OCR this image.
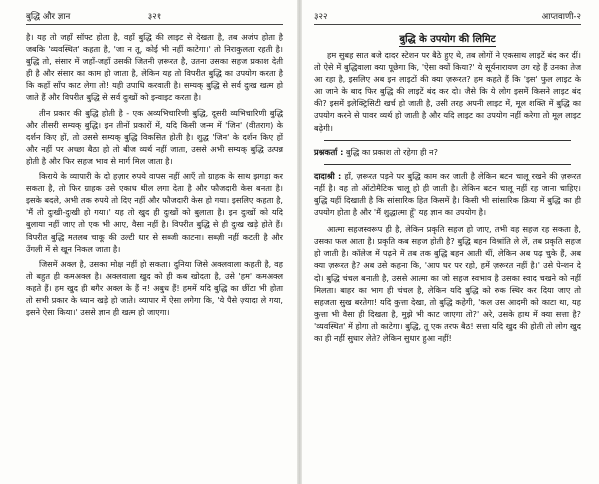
बुद्धि और ज्ञान	३२१

है। यह तो जहाँ सॉफ्ट होता है, वहाँ बुद्धि की लाइट से देखता है, तब अजंप होता है जबकि 'व्यवस्थित' कहता है, 'जा न तू, कोई भी नहीं काटेगा।' तो निराकुलता रहती है। बुद्धि तो, संसार में जहाँ-जहाँ उसकी जितनी ज़रूरत है, उतना उसका सहज प्रकाश देती ही है और संसार का काम हो जाता है, लेकिन यह तो विपरीत बुद्धि का उपयोग करता है कि कहाँ साँप काट लेगा तो! यही उपाधि करवाती है। सम्यक् बुद्धि से सर्व दुःख खत्म हो जाते हैं और विपरीत बुद्धि से सर्व दुःखों को इन्वाइट करता है।

तीन प्रकार की बुद्धि होती है - एक अव्यभिचारिणी बुद्धि, दूसरी व्यभिचारिणी बुद्धि और तीसरी सम्यक् बुद्धि। इन तीनों प्रकारों में, यदि किसी जन्म में 'जिन' (वीतराग) के दर्शन किए हों, तो उससे सम्यक् बुद्धि विकसित होती है। शुद्ध 'जिन' के दर्शन किए हों और नहीं पर अच्छा बैठा हो तो बीज व्यर्थ नहीं जाता, उससे अभी सम्यक् बुद्धि उत्पन्न होती है और फिर सहज भाव से मार्ग मिल जाता है।

किराये के व्यापारी के दो हज़ार रुपये वापस नहीं आएँ तो ग्राहक के साथ झगड़ा कर सकता है, तो फिर ग्राहक उसे एकाध थील लगा देता है और फौजदारी केस बनता है। इसके बदले, अभी तक रुपये तो दिए नहीं और फौजदारी केस हो गया। इसलिए कहता है, 'मैं तो दुःखी-दुःखी हो गया।' यह तो खुद ही दुःखों को बुलाता है। इन दुःखों को यदि बुलाया नहीं जाए तो एक भी आए, वैसा नहीं है। विपरीत बुद्धि से ही दुःख खड़े होते हैं। विपरीत बुद्धि मतलब चाकू की उल्टी धार से सब्जी काटना। सब्ज़ी नहीं कटती है और उँगली में से खून निकल जाता है।

जिसमें अक्ल है, उसका मोक्ष नहीं हो सकता। दुनिया जिसे अक्लवाला कहती है, वह तो बहुत ही कमअक्ल है। अक्लवाला खुद को ही कब खोदता है, उसे 'हम' कमअक्ल कहते हैं। हम खुद ही बगैर अक्ल के हैं न! अबुध हैं! हममें यदि बुद्धि का छींटा भी होता तो सभी प्रकार के ध्यान खड़े हो जाते। व्यापार में ऐसा लगेगा कि, 'ये पैसे ज़्यादा ले गया, इसने ऐसा किया।' उससे ज्ञान ही खत्म हो जाएगा।

३२२	आप्तवाणी-२
बुद्धि के उपयोग की लिमिट

हम सुबह सात बजे दादर स्टेशन पर बैठे हुए थे, तब लोगों ने एकसाथ लाइटें बंद कर दीं। तो ऐसे में बुद्धिवाला क्या पूछेगा कि, 'ऐसा क्यों किया?' ये सूर्यनारायण उग रहे हैं उनका तेज आ रहा है, इसलिए अब इन लाइटों की क्या ज़रूरत? हम कहते हैं कि 'इस' फुल लाइट के आ जाने के बाद फिर बुद्धि की लाइटें बंद कर दो। जैसे कि ये लोग इसमें किसने लाइट बंद की? इसमें इलेक्ट्रिसिटी खर्च हो जाती है, उसी तरह अपनी लाइट में, मूल शक्ति में बुद्धि का उपयोग करने से पावर व्यर्थ हो जाती है और यदि लाइट का उपयोग नहीं करेगा तो मूल लाइट बढ़ेगी।

प्रश्नकर्ता : बुद्धि का प्रकाश तो रहेगा ही न?

दादाश्री : हाँ, ज़रूरत पड़ने पर बुद्धि काम कर जाती है लेकिन बटन चालू रखने की ज़रूरत नहीं है। वह तो ऑटोमैटिक चालू हो ही जाती है। लेकिन बटन चालू नहीं रह जाना चाहिए। बुद्धि यहीं दिखाती है कि सांसारिक हित किसमें है। किसी भी सांसारिक क्रिया में बुद्धि का ही उपयोग होता है और 'मैं शुद्धात्मा हूँ' यह ज्ञान का उपयोग है।

आत्मा सहजस्वरूप ही है, लेकिन प्रकृति सहज हो जाए, तभी वह सहज रह सकता है, उसका फल आता है। प्रकृति कब सहज होती है? बुद्धि बहन विश्रांति ले लें, तब प्रकृति सहज हो जाती है। कॉलेज में पढ़ने में तब तक बुद्धि बहन आती थीं, लेकिन अब पढ़ चुके हैं, अब क्या ज़रूरत है? अब उसे कहना कि, 'आप घर पर रहो, हमें ज़रूरत नहीं है।' उसे पेन्शन दे दो। बुद्धि चंचल बनाती है, उससे आत्मा का जो सहज स्वभाव है उसका स्वाद चखने को नहीं मिलता। बाहर का भाग ही चंचल है, लेकिन यदि बुद्धि को रुक स्थिर कर दिया जाए तो सहजता सुख बरतेगा! यदि कुत्ता देखा, तो बुद्धि कहेगी, 'कल उस आदमी को काटा था, यह कुत्ता भी वैसा ही दिखता है, मुझे भी काट जाएगा तो?' अरे, उसके हाथ में क्या सत्ता है? 'व्यवस्थित' में होगा तो काटेगा। बुद्धि, तू एक तरफ बैठ! सत्ता यदि खुद की होती तो लोग खुद का ही नहीं सुधार लेते? लेकिन सुधार हुआ नहीं!
